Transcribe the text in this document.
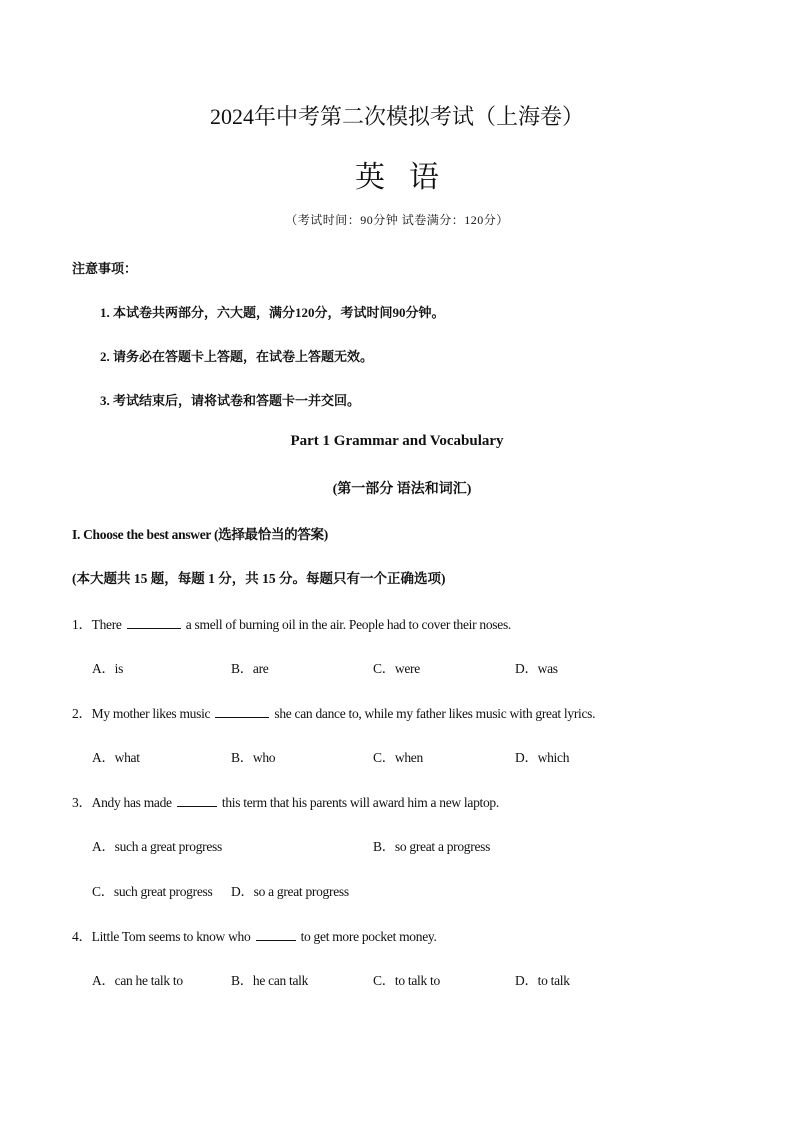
2024年中考第二次模拟考试（上海卷）
英语
（考试时间：90分钟 试卷满分：120分）
注意事项：
1. 本试卷共两部分，六大题，满分120分，考试时间90分钟。
2. 请务必在答题卡上答题，在试卷上答题无效。
3. 考试结束后，请将试卷和答题卡一并交回。
Part 1 Grammar and Vocabulary
(第一部分 语法和词汇)
I. Choose the best answer (选择最恰当的答案)
(本大题共 15 题，每题 1 分，共 15 分。每题只有一个正确选项)
1．There	a smell of burning oil in the air. People had to cover their noses.
A．is	B．are	C．were	D．was
2．My mother likes music	she can dance to, while my father likes music with great lyrics.
A．what	B．who	C．when	D．which
3．Andy has made	this term that his parents will award him a new laptop.
A．such a great progress	B．so great a progress
C．such great progress D．so a great progress
4．Little Tom seems to know who	to get more pocket money.
A．can he talk to	B．he can talk	C．to talk to	D．to talk
